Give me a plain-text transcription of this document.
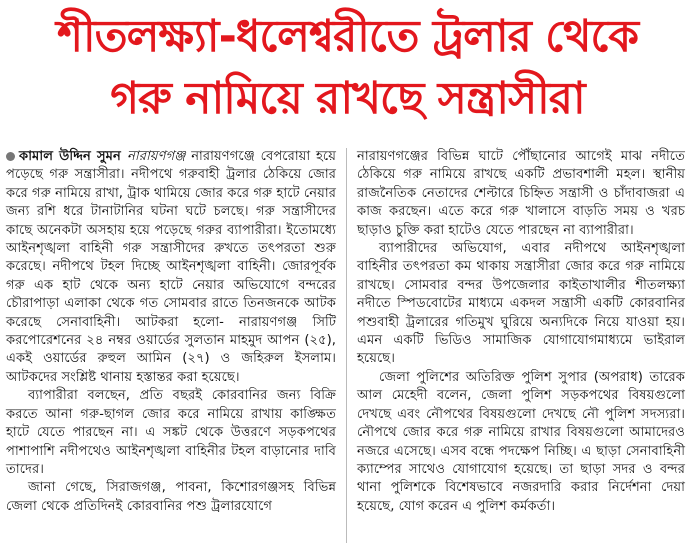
শীতলক্ষ্যা-ধলেশ্বরীতে ট্রলার থেকে
গরু নামিয়ে রাখছে সন্ত্রাসীরা

কামাল উদ্দিন সুমন নারায়ণগঞ্জ নারায়ণগঞ্জে বেপরোয়া হয়ে পড়েছে গরু সন্ত্রাসীরা। নদীপথে গরুবাহী ট্রলার ঠেকিয়ে জোর করে গরু নামিয়ে রাখা, ট্রাক থামিয়ে জোর করে গরু হাটে নেয়ার জন্য রশি ধরে টানাটানির ঘটনা ঘটে চলছে। গরু সন্ত্রাসীদের কাছে অনেকটা অসহায় হয়ে পড়েছে গরুর ব্যাপারীরা। ইতোমধ্যে আইনশৃঙ্খলা বাহিনী গরু সন্ত্রাসীদের রুখতে তৎপরতা শুরু করেছে। নদীপথে টহল দিচ্ছে আইনশৃঙ্খলা বাহিনী। জোরপূর্বক গরু এক হাট থেকে অন্য হাটে নেয়ার অভিযোগে বন্দরের চৌরাপাড়া এলাকা থেকে গত সোমবার রাতে তিনজনকে আটক করেছে সেনাবাহিনী। আটকরা হলো- নারায়ণগঞ্জ সিটি করপোরেশনের ২৪ নম্বর ওয়ার্ডের সুলতান মাহমুদ আপন (২৫), একই ওয়ার্ডের রুহুল আমিন (২৭) ও জহিরুল ইসলাম। আটকদের সংশ্লিষ্ট থানায় হস্তান্তর করা হয়েছে।

ব্যাপারীরা বলছেন, প্রতি বছরই কোরবানির জন্য বিক্রি করতে আনা গরু-ছাগল জোর করে নামিয়ে রাখায় কাঙ্ক্ষিত হাটে যেতে পারছেন না। এ সঙ্কট থেকে উত্তরণে সড়কপথের পাশাপাশি নদীপথেও আইনশৃঙ্খলা বাহিনীর টহল বাড়ানোর দাবি তাদের।

জানা গেছে, সিরাজগঞ্জ, পাবনা, কিশোরগঞ্জসহ বিভিন্ন জেলা থেকে প্রতিদিনই কোরবানির পশু ট্রলারযোগে

নারায়ণগঞ্জের বিভিন্ন ঘাটে পৌঁছানোর আগেই মাঝ নদীতে ঠেকিয়ে গরু নামিয়ে রাখছে একটি প্রভাবশালী মহল। স্থানীয় রাজনৈতিক নেতাদের শেল্টারে চিহ্নিত সন্ত্রাসী ও চাঁদাবাজরা এ কাজ করছেন। এতে করে গরু খালাসে বাড়তি সময় ও খরচ ছাড়াও চুক্তি করা হাটেও যেতে পারছেন না ব্যাপারীরা।

ব্যাপারীদের অভিযোগ, এবার নদীপথে আইনশৃঙ্খলা বাহিনীর তৎপরতা কম থাকায় সন্ত্রাসীরা জোর করে গরু নামিয়ে রাখছে। সোমবার বন্দর উপজেলার কাইতাখালীর শীতলক্ষ্যা নদীতে স্পিডবোটের মাধ্যমে একদল সন্ত্রাসী একটি কোরবানির পশুবাহী ট্রলারের গতিমুখ ঘুরিয়ে অন্যদিকে নিয়ে যাওয়া হয়। এমন একটি ভিডিও সামাজিক যোগাযোগমাধ্যমে ভাইরাল হয়েছে।

জেলা পুলিশের অতিরিক্ত পুলিশ সুপার (অপরাধ) তারেক আল মেহেদী বলেন, জেলা পুলিশ সড়কপথের বিষয়গুলো দেখছে এবং নৌপথের বিষয়গুলো দেখছে নৌ পুলিশ সদস্যরা। নৌপথে জোর করে গরু নামিয়ে রাখার বিষয়গুলো আমাদেরও নজরে এসেছে। এসব বন্ধে পদক্ষেপ নিচ্ছি। এ ছাড়া সেনাবাহিনী ক্যাম্পের সাথেও যোগাযোগ হয়েছে। তা ছাড়া সদর ও বন্দর থানা পুলিশকে বিশেষভাবে নজরদারি করার নির্দেশনা দেয়া হয়েছে, যোগ করেন এ পুলিশ কর্মকর্তা।
